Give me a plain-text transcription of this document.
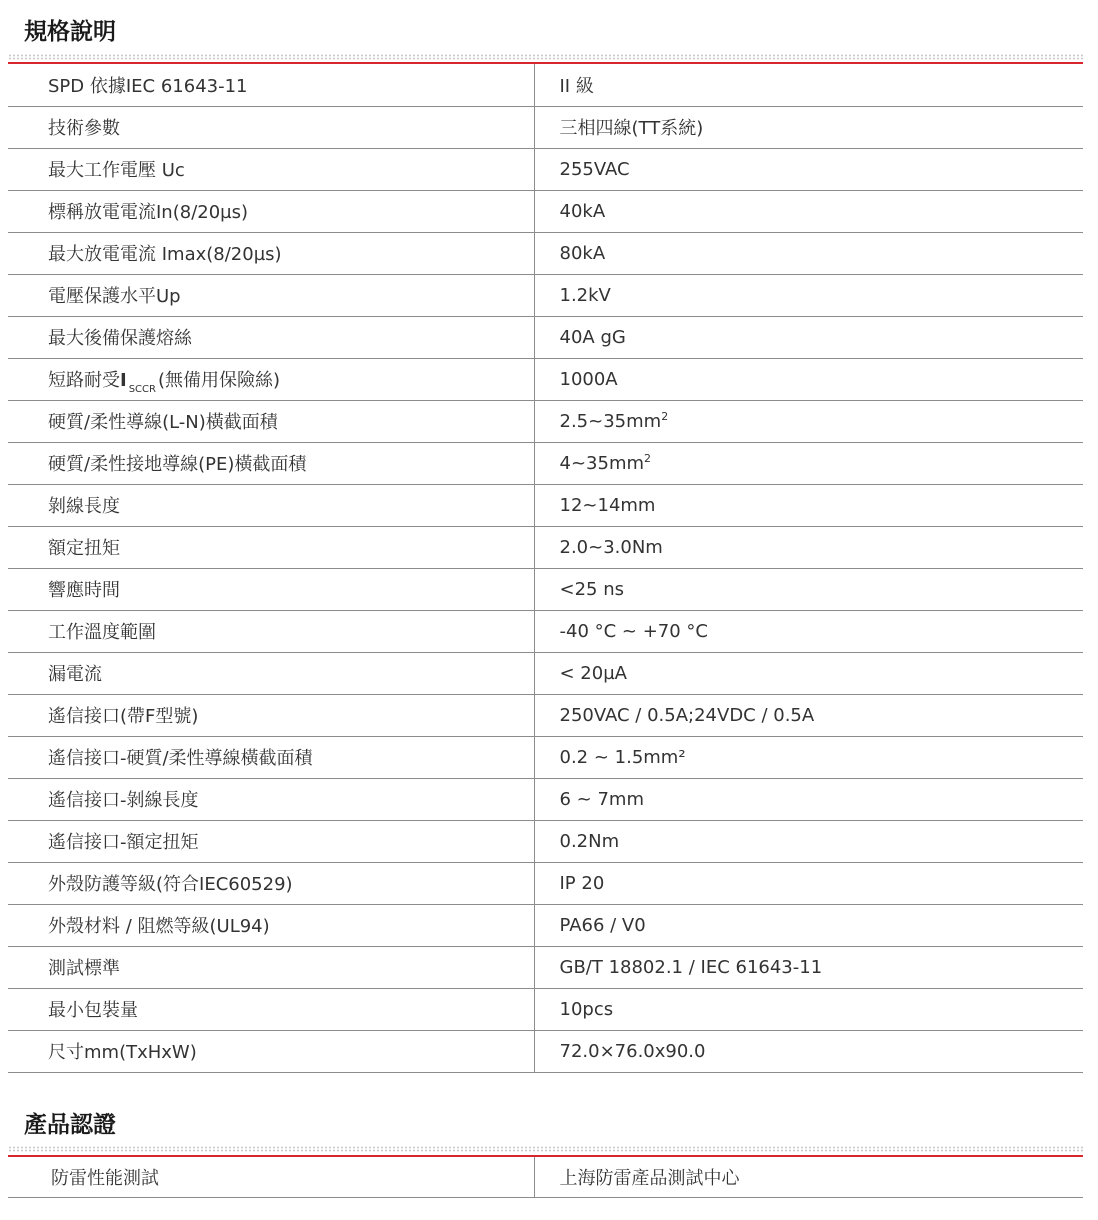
規格說明
SPD 依據IEC 61643-11	II 級
技術參數	三相四線(TT系統)
最大工作電壓 Uc	255VAC
標稱放電電流In(8/20µs)	40kA
最大放電電流 Imax(8/20µs)	80kA
電壓保護水平Up	1.2kV
最大後備保護熔絲	40A gG
短路耐受I $_{SCCR}$ (無備用保險絲)	1000A
硬質/柔性導線(L-N)橫截面積	$2.5\sim 35mm^2$
硬質/柔性接地導線(PE)橫截面積	$4\sim 35mm^2$
剝線長度	12~14mm
額定扭矩	2.0~3.0Nm
響應時間	<25 ns
工作溫度範圍	-40 °C ~ +70 °C
漏電流	< 20µA
遙信接口(帶F型號)	250VAC / 0.5A;24VDC / 0.5A
遙信接口-硬質/柔性導線橫截面積	0.2 ~ 1.5mm²
遙信接口-剝線長度	6 ~ 7mm
遙信接口-額定扭矩	0.2Nm
外殼防護等級(符合IEC60529)	IP 20
外殼材料 / 阻燃等級(UL94)	PA66 / V0
測試標準	GB/T 18802.1 / IEC 61643-11
最小包裝量	10pcs
尺寸mm(TxHxW)	72.0×76.0x90.0
產品認證
防雷性能測試	上海防雷產品測試中心
